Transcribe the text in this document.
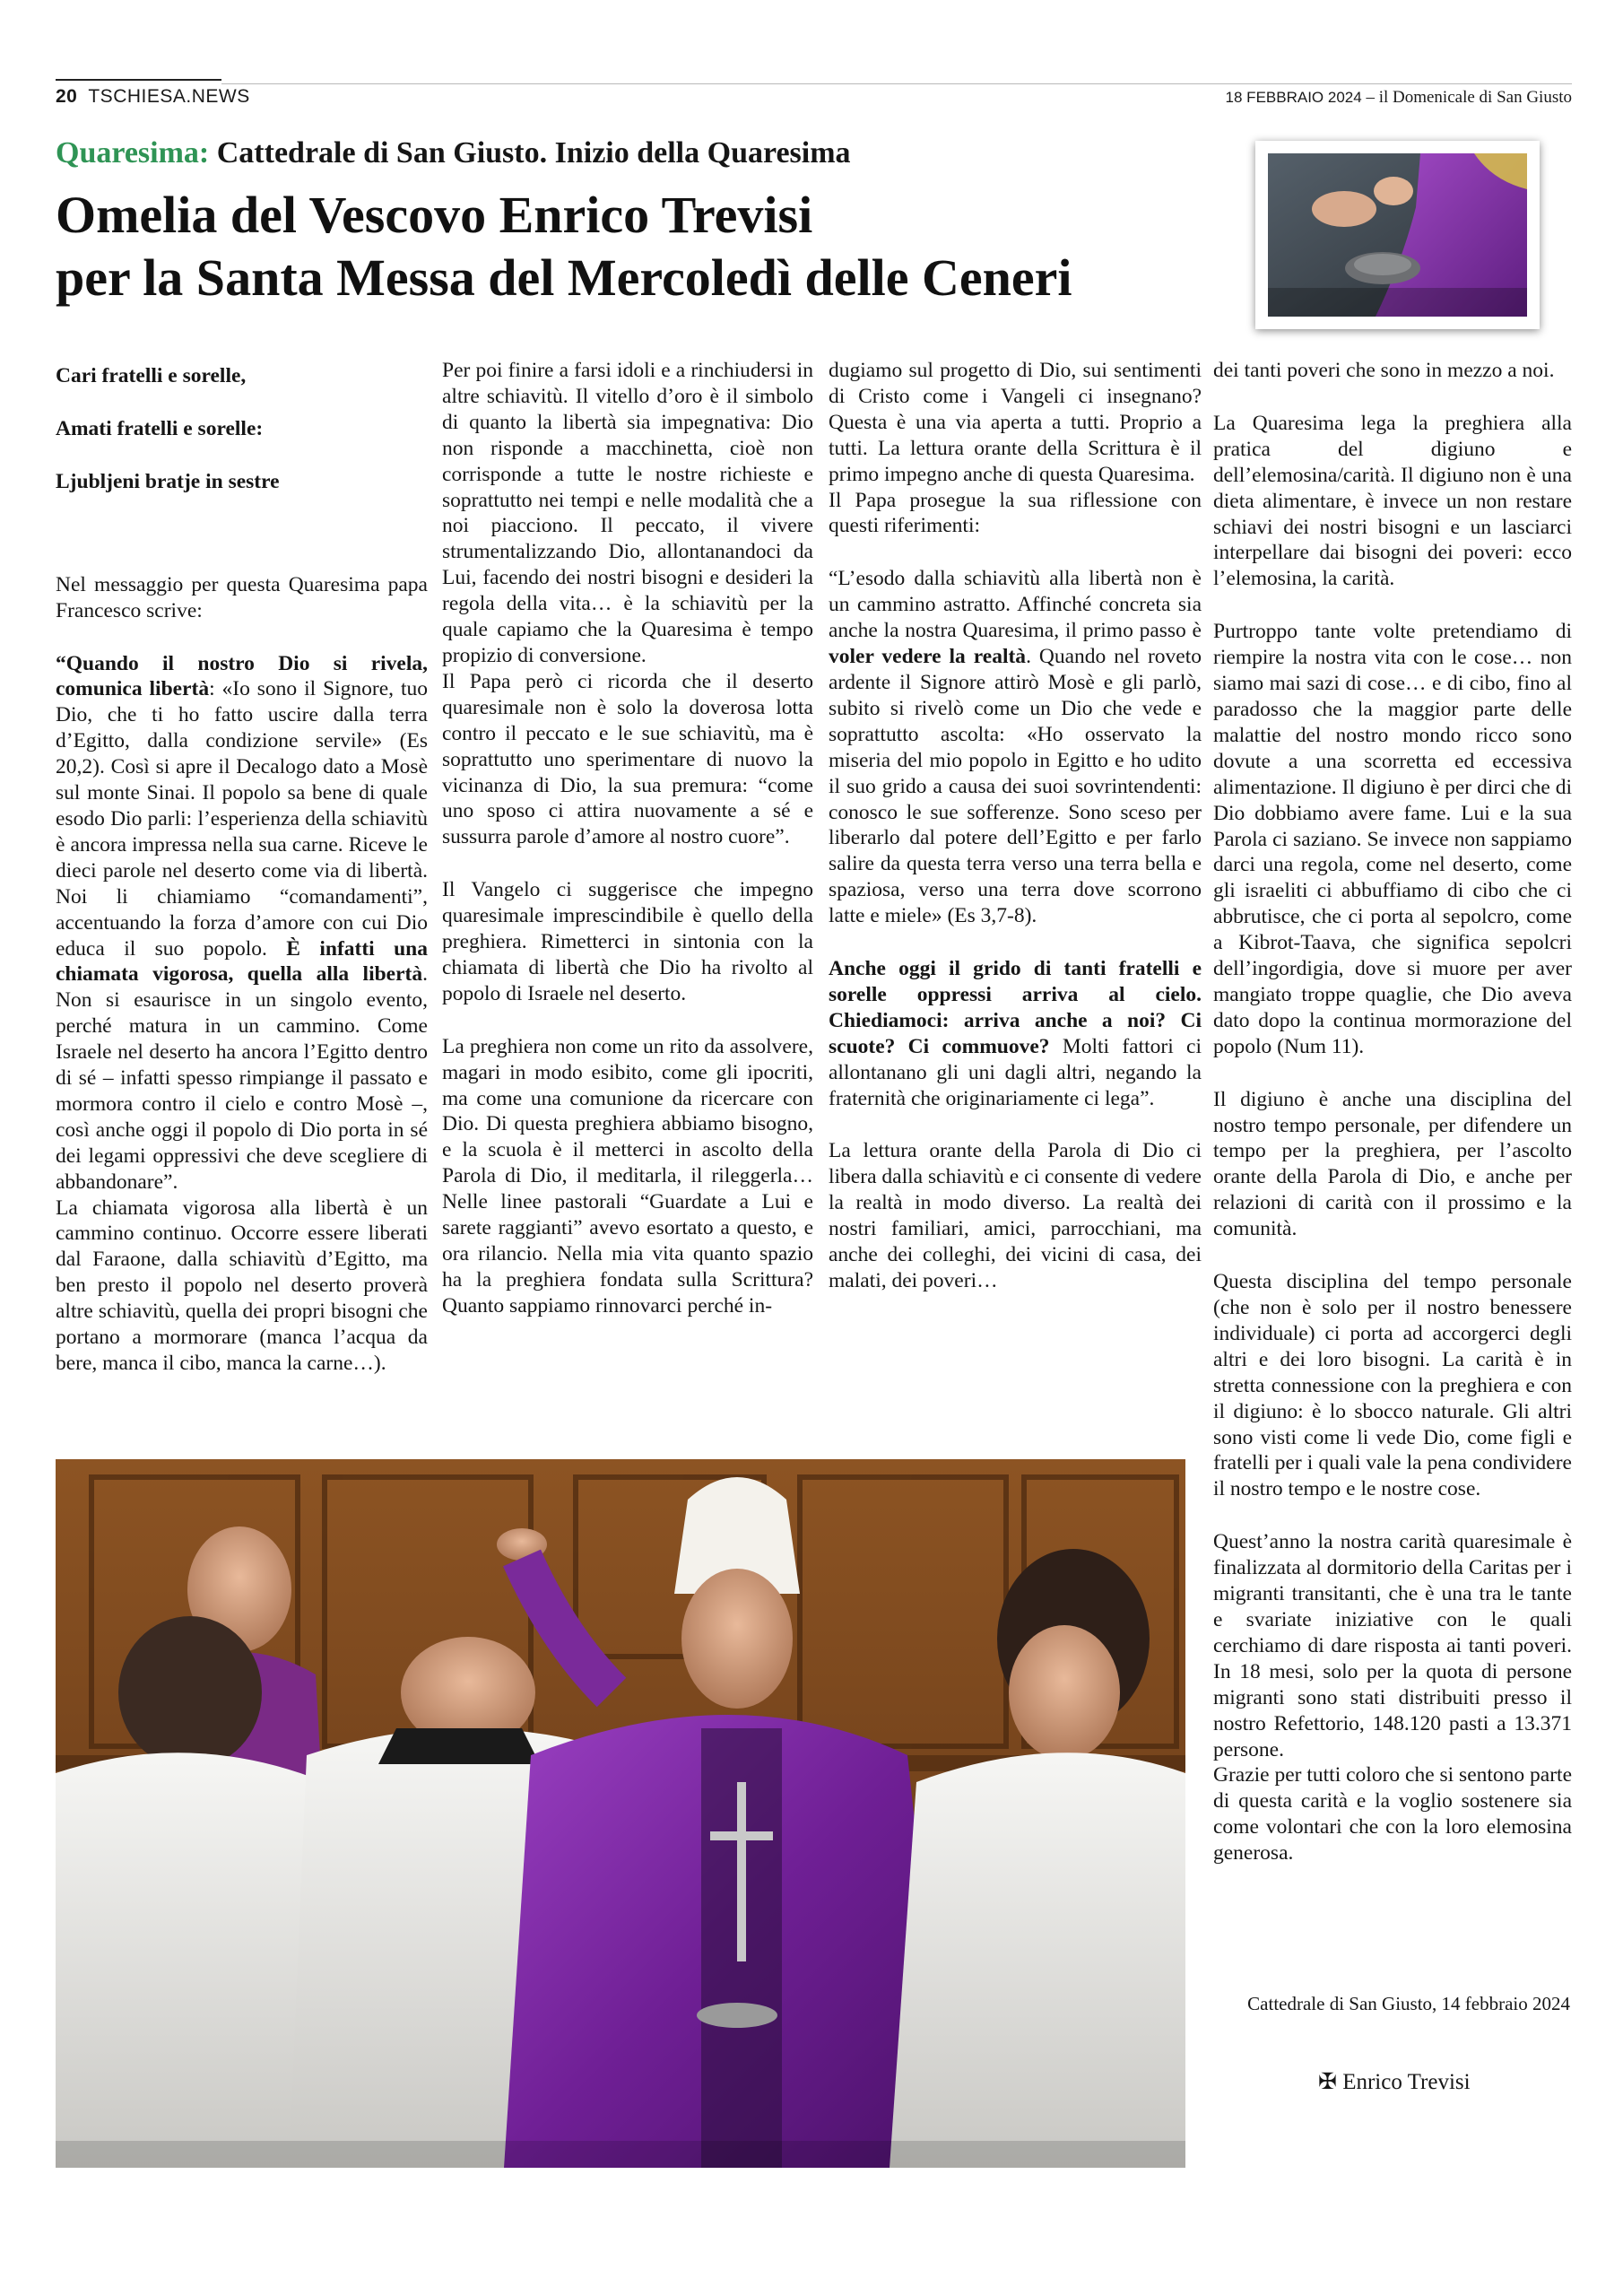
20 TSCHIESA.NEWS	18 FEBBRAIO 2024 – il Domenicale di San Giusto
Quaresima: Cattedrale di San Giusto. Inizio della Quaresima
Omelia del Vescovo Enrico Trevisi
per la Santa Messa del Mercoledì delle Ceneri

Cari fratelli e sorelle,

Amati fratelli e sorelle:

Ljubljeni bratje in sestre

Nel messaggio per questa Quaresima papa Francesco scrive:

“Quando il nostro Dio si rivela, comunica libertà: «Io sono il Signore, tuo Dio, che ti ho fatto uscire dalla terra d’Egitto, dalla condizione servile» (Es 20,2). Così si apre il Decalogo dato a Mosè sul monte Sinai. Il popolo sa bene di quale esodo Dio parli: l’esperienza della schiavitù è ancora impressa nella sua carne. Riceve le dieci parole nel deserto come via di libertà. Noi li chiamiamo “comandamenti”, accentuando la forza d’amore con cui Dio educa il suo popolo. È infatti una chiamata vigorosa, quella alla libertà. Non si esaurisce in un singolo evento, perché matura in un cammino. Come Israele nel deserto ha ancora l’Egitto dentro di sé – infatti spesso rimpiange il passato e mormora contro il cielo e contro Mosè –, così anche oggi il popolo di Dio porta in sé dei legami oppressivi che deve scegliere di abbandonare”.

La chiamata vigorosa alla libertà è un cammino continuo. Occorre essere liberati dal Faraone, dalla schiavitù d’Egitto, ma ben presto il popolo nel deserto proverà altre schiavitù, quella dei propri bisogni che portano a mormorare (manca l’acqua da bere, manca il cibo, manca la carne…).

Per poi finire a farsi idoli e a rinchiudersi in altre schiavitù. Il vitello d’oro è il simbolo di quanto la libertà sia impegnativa: Dio non risponde a macchinetta, cioè non corrisponde a tutte le nostre richieste e soprattutto nei tempi e nelle modalità che a noi piacciono. Il peccato, il vivere strumentalizzando Dio, allontanandoci da Lui, facendo dei nostri bisogni e desideri la regola della vita… è la schiavitù per la quale capiamo che la Quaresima è tempo propizio di conversione.

Il Papa però ci ricorda che il deserto quaresimale non è solo la doverosa lotta contro il peccato e le sue schiavitù, ma è soprattutto uno sperimentare di nuovo la vicinanza di Dio, la sua premura: “come uno sposo ci attira nuovamente a sé e sussurra parole d’amore al nostro cuore”.

Il Vangelo ci suggerisce che impegno quaresimale imprescindibile è quello della preghiera. Rimetterci in sintonia con la chiamata di libertà che Dio ha rivolto al popolo di Israele nel deserto.

La preghiera non come un rito da assolvere, magari in modo esibito, come gli ipocriti, ma come una comunione da ricercare con Dio. Di questa preghiera abbiamo bisogno, e la scuola è il metterci in ascolto della Parola di Dio, il meditarla, il rileggerla… Nelle linee pastorali “Guardate a Lui e sarete raggianti” avevo esortato a questo, e ora rilancio. Nella mia vita quanto spazio ha la preghiera fondata sulla Scrittura? Quanto sappiamo rinnovarci perché in-

dugiamo sul progetto di Dio, sui sentimenti di Cristo come i Vangeli ci insegnano? Questa è una via aperta a tutti. Proprio a tutti. La lettura orante della Scrittura è il primo impegno anche di questa Quaresima.

Il Papa prosegue la sua riflessione con questi riferimenti:

“L’esodo dalla schiavitù alla libertà non è un cammino astratto. Affinché concreta sia anche la nostra Quaresima, il primo passo è voler vedere la realtà. Quando nel roveto ardente il Signore attirò Mosè e gli parlò, subito si rivelò come un Dio che vede e soprattutto ascolta: «Ho osservato la miseria del mio popolo in Egitto e ho udito il suo grido a causa dei suoi sovrintendenti: conosco le sue sofferenze. Sono sceso per liberarlo dal potere dell’Egitto e per farlo salire da questa terra verso una terra bella e spaziosa, verso una terra dove scorrono latte e miele» (Es 3,7-8).

Anche oggi il grido di tanti fratelli e sorelle oppressi arriva al cielo. Chiediamoci: arriva anche a noi? Ci scuote? Ci commuove? Molti fattori ci allontanano gli uni dagli altri, negando la fraternità che originariamente ci lega”.

La lettura orante della Parola di Dio ci libera dalla schiavitù e ci consente di vedere la realtà in modo diverso. La realtà dei nostri familiari, amici, parrocchiani, ma anche dei colleghi, dei vicini di casa, dei malati, dei poveri…

dei tanti poveri che sono in mezzo a noi.

La Quaresima lega la preghiera alla pratica del digiuno e dell’elemosina/carità. Il digiuno non è una dieta alimentare, è invece un non restare schiavi dei nostri bisogni e un lasciarci interpellare dai bisogni dei poveri: ecco l’elemosina, la carità.

Purtroppo tante volte pretendiamo di riempire la nostra vita con le cose… non siamo mai sazi di cose… e di cibo, fino al paradosso che la maggior parte delle malattie del nostro mondo ricco sono dovute a una scorretta ed eccessiva alimentazione. Il digiuno è per dirci che di Dio dobbiamo avere fame. Lui e la sua Parola ci saziano. Se invece non sappiamo darci una regola, come nel deserto, come gli israeliti ci abbuffiamo di cibo che ci abbrutisce, che ci porta al sepolcro, come a Kibrot-Taava, che significa sepolcri dell’ingordigia, dove si muore per aver mangiato troppe quaglie, che Dio aveva dato dopo la continua mormorazione del popolo (Num 11).

Il digiuno è anche una disciplina del nostro tempo personale, per difendere un tempo per la preghiera, per l’ascolto orante della Parola di Dio, e anche per relazioni di carità con il prossimo e la comunità.

Questa disciplina del tempo personale (che non è solo per il nostro benessere individuale) ci porta ad accorgerci degli altri e dei loro bisogni. La carità è in stretta connessione con la preghiera e con il digiuno: è lo sbocco naturale. Gli altri sono visti come li vede Dio, come figli e fratelli per i quali vale la pena condividere il nostro tempo e le nostre cose.

Quest’anno la nostra carità quaresimale è finalizzata al dormitorio della Caritas per i migranti transitanti, che è una tra le tante e svariate iniziative con le quali cerchiamo di dare risposta ai tanti poveri. In 18 mesi, solo per la quota di persone migranti sono stati distribuiti presso il nostro Refettorio, 148.120 pasti a 13.371 persone.

Grazie per tutti coloro che si sentono parte di questa carità e la voglio sostenere sia come volontari che con la loro elemosina generosa.

Cattedrale di San Giusto, 14 febbraio 2024
✠ Enrico Trevisi
